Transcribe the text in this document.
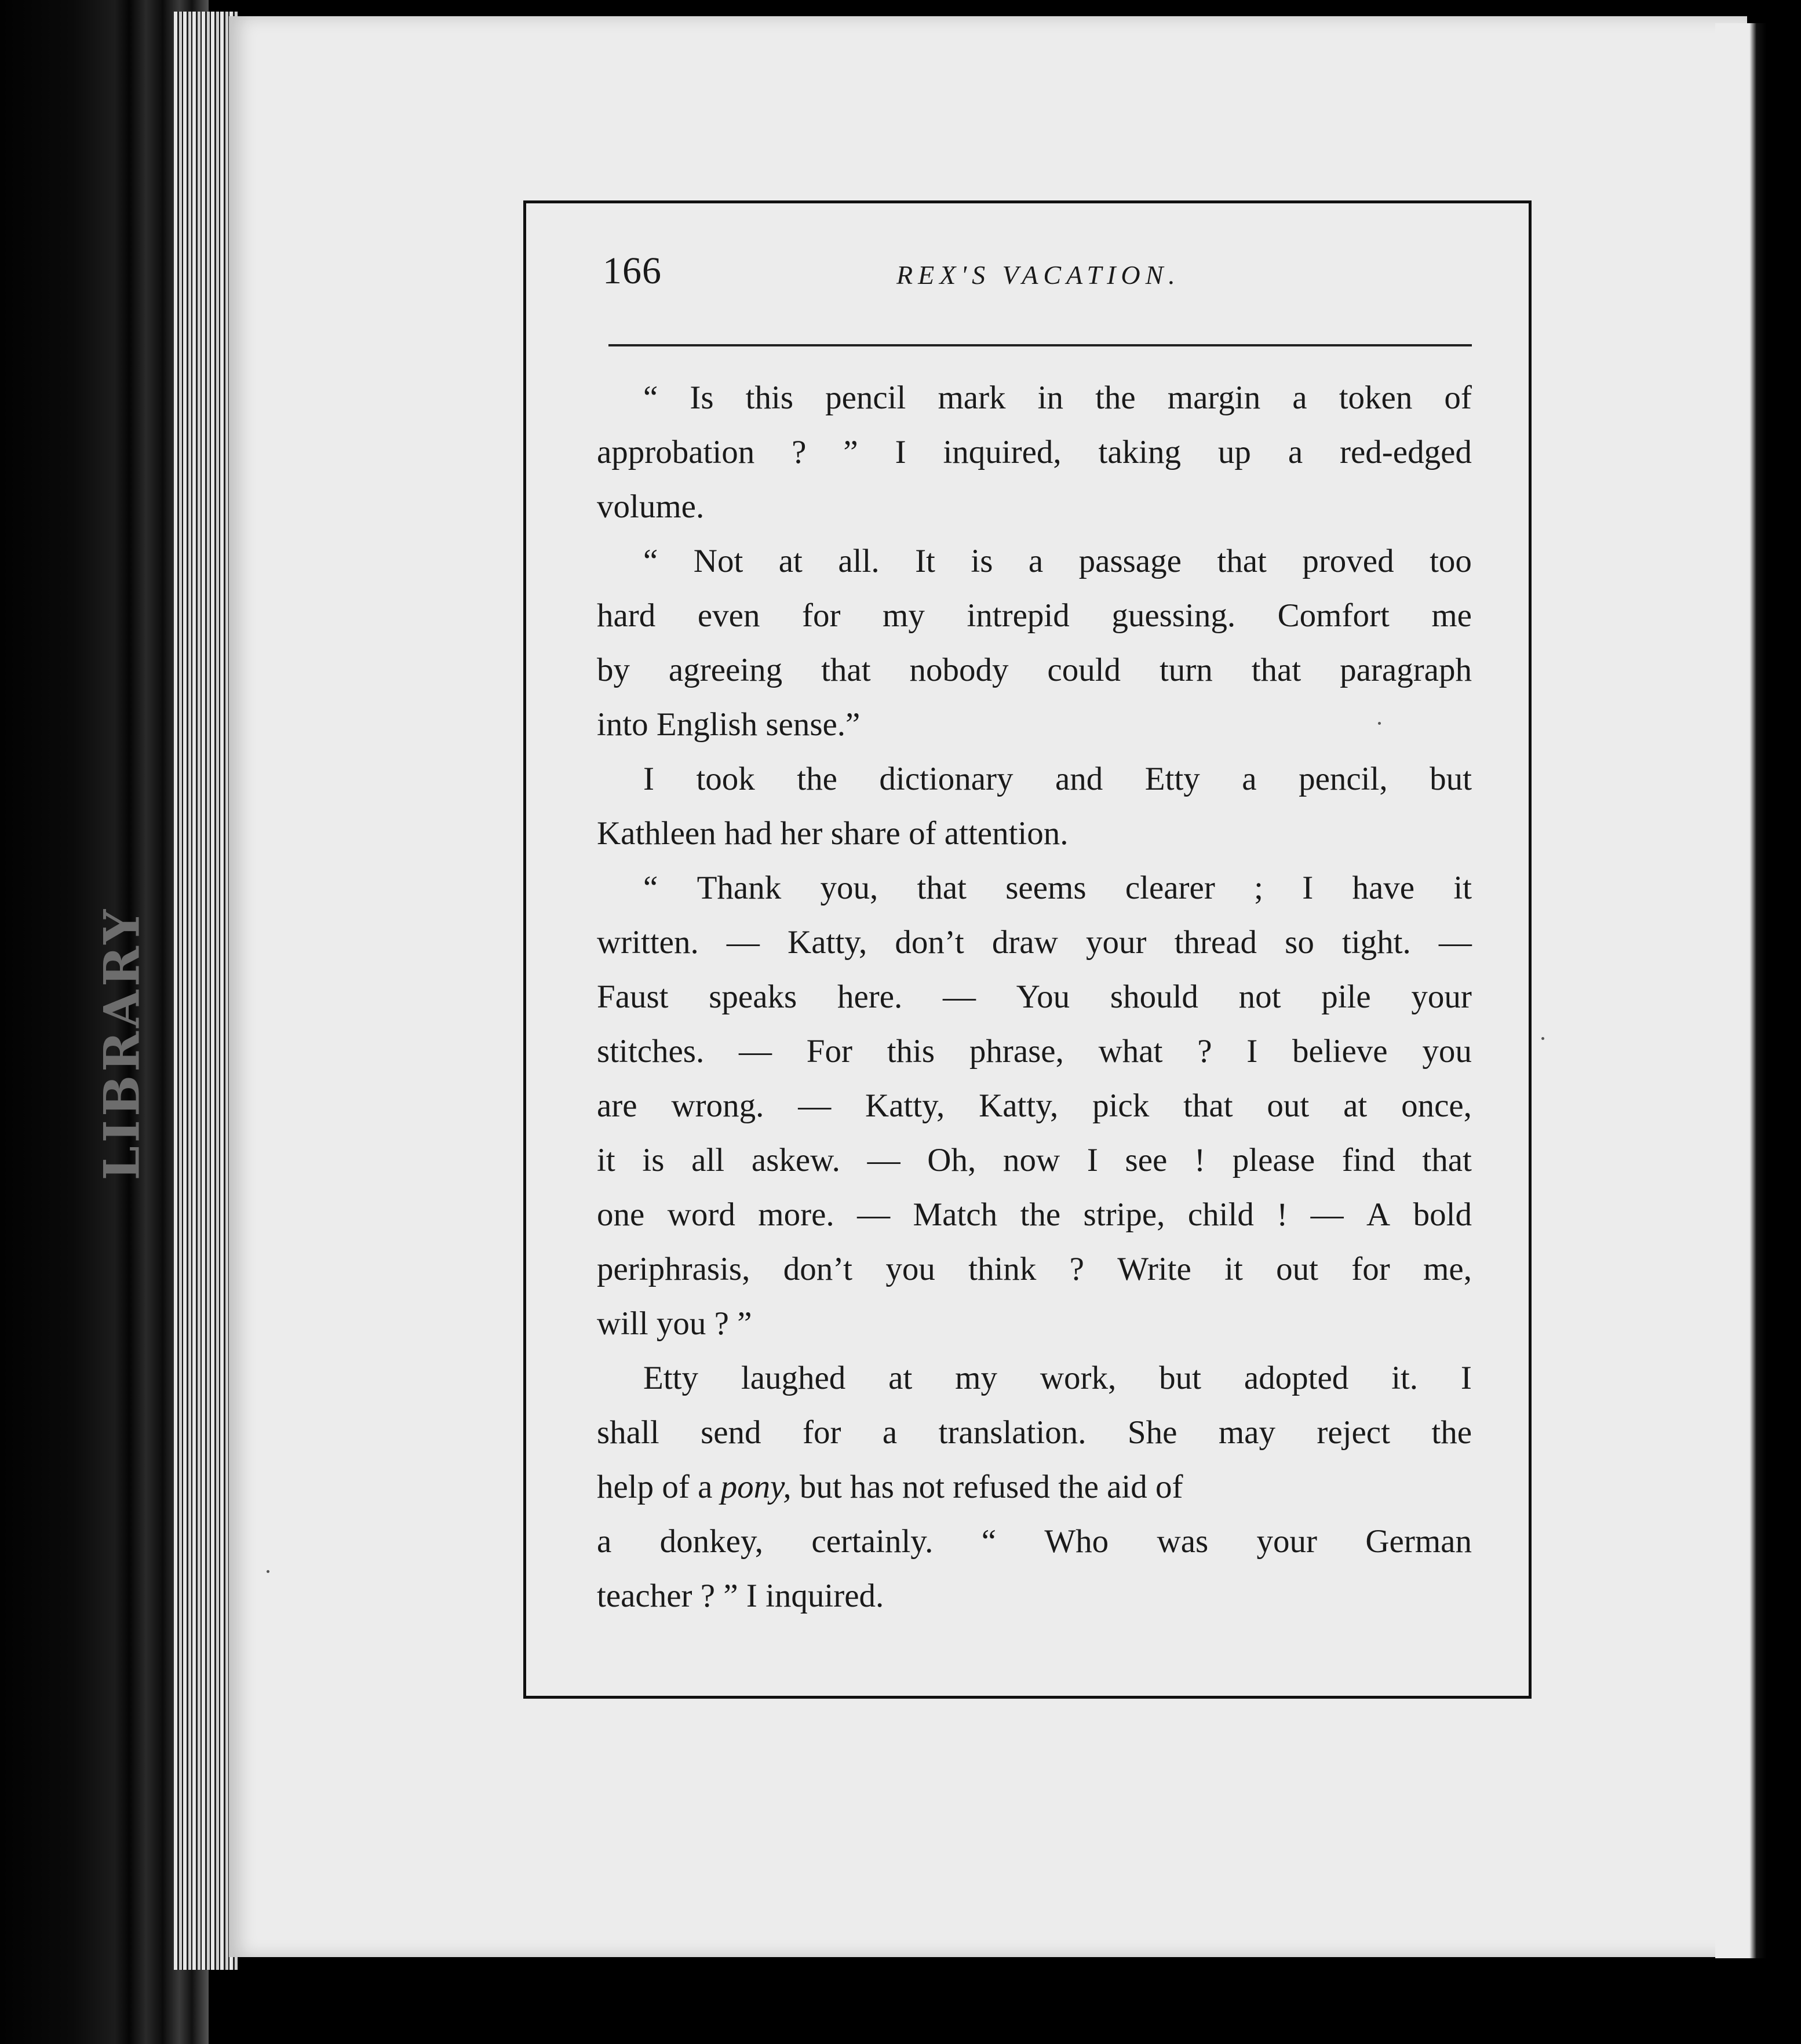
LIBRARY
166	REX'S VACATION.

“ Is this pencil mark in the margin a token of
approbation ? ” I inquired, taking up a red-edged
volume.

“ Not at all. It is a passage that proved too
hard even for my intrepid guessing. Comfort me
by agreeing that nobody could turn that paragraph
into English sense.”

I took the dictionary and Etty a pencil, but
Kathleen had her share of attention.

“ Thank you, that seems clearer ; I have it
written. — Katty, don’t draw your thread so tight. —
Faust speaks here. — You should not pile your
stitches. — For this phrase, what ? I believe you
are wrong. — Katty, Katty, pick that out at once,
it is all askew. — Oh, now I see ! please find that
one word more. — Match the stripe, child ! — A bold
periphrasis, don’t you think ? Write it out for me,
will you ? ”

Etty laughed at my work, but adopted it. I
shall send for a translation. She may reject the
help of a pony, but has not refused the aid of
a donkey, certainly. “ Who was your German
teacher ? ” I inquired.
